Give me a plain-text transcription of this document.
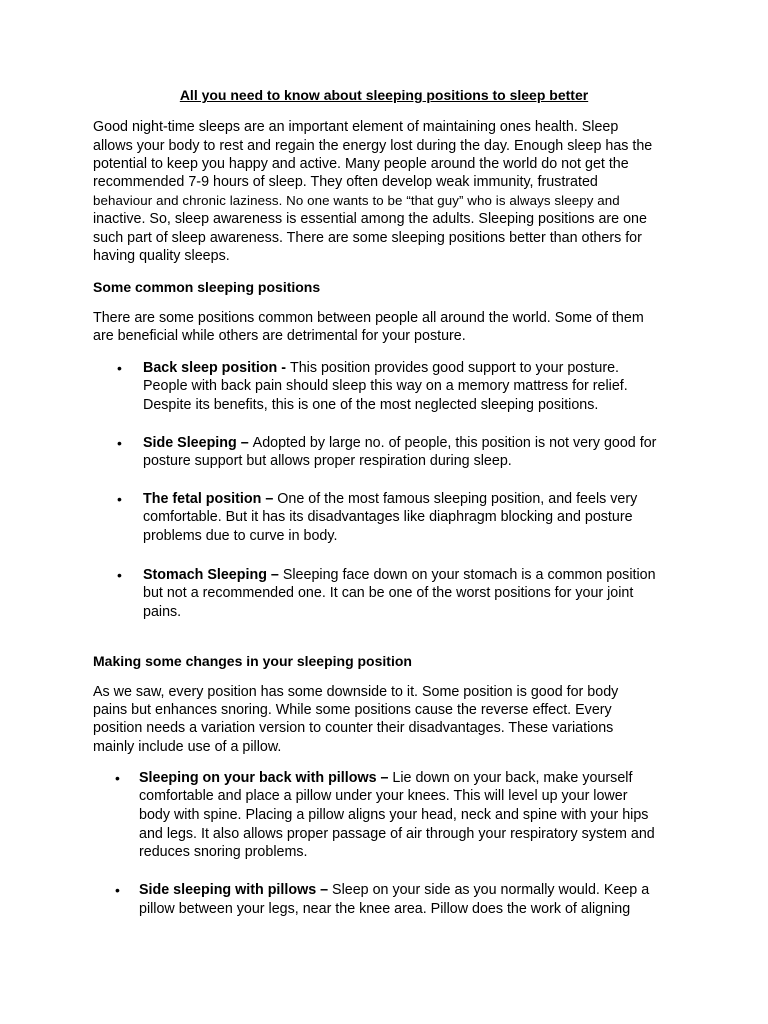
All you need to know about sleeping positions to sleep better
Good night-time sleeps are an important element of maintaining ones health. Sleep
allows your body to rest and regain the energy lost during the day. Enough sleep has the
potential to keep you happy and active. Many people around the world do not get the
recommended 7-9 hours of sleep. They often develop weak immunity, frustrated
behaviour and chronic laziness. No one wants to be “that guy” who is always sleepy and
inactive. So, sleep awareness is essential among the adults. Sleeping positions are one
such part of sleep awareness. There are some sleeping positions better than others for
having quality sleeps.
Some common sleeping positions
There are some positions common between people all around the world. Some of them
are beneficial while others are detrimental for your posture.
• Back sleep position - This position provides good support to your posture.
People with back pain should sleep this way on a memory mattress for relief.
Despite its benefits, this is one of the most neglected sleeping positions.
• Side Sleeping – Adopted by large no. of people, this position is not very good for
posture support but allows proper respiration during sleep.
• The fetal position – One of the most famous sleeping position, and feels very
comfortable. But it has its disadvantages like diaphragm blocking and posture
problems due to curve in body.
• Stomach Sleeping – Sleeping face down on your stomach is a common position
but not a recommended one. It can be one of the worst positions for your joint
pains.
Making some changes in your sleeping position
As we saw, every position has some downside to it. Some position is good for body
pains but enhances snoring. While some positions cause the reverse effect. Every
position needs a variation version to counter their disadvantages. These variations
mainly include use of a pillow.
• Sleeping on your back with pillows – Lie down on your back, make yourself
comfortable and place a pillow under your knees. This will level up your lower
body with spine. Placing a pillow aligns your head, neck and spine with your hips
and legs. It also allows proper passage of air through your respiratory system and
reduces snoring problems.
• Side sleeping with pillows – Sleep on your side as you normally would. Keep a
pillow between your legs, near the knee area. Pillow does the work of aligning
